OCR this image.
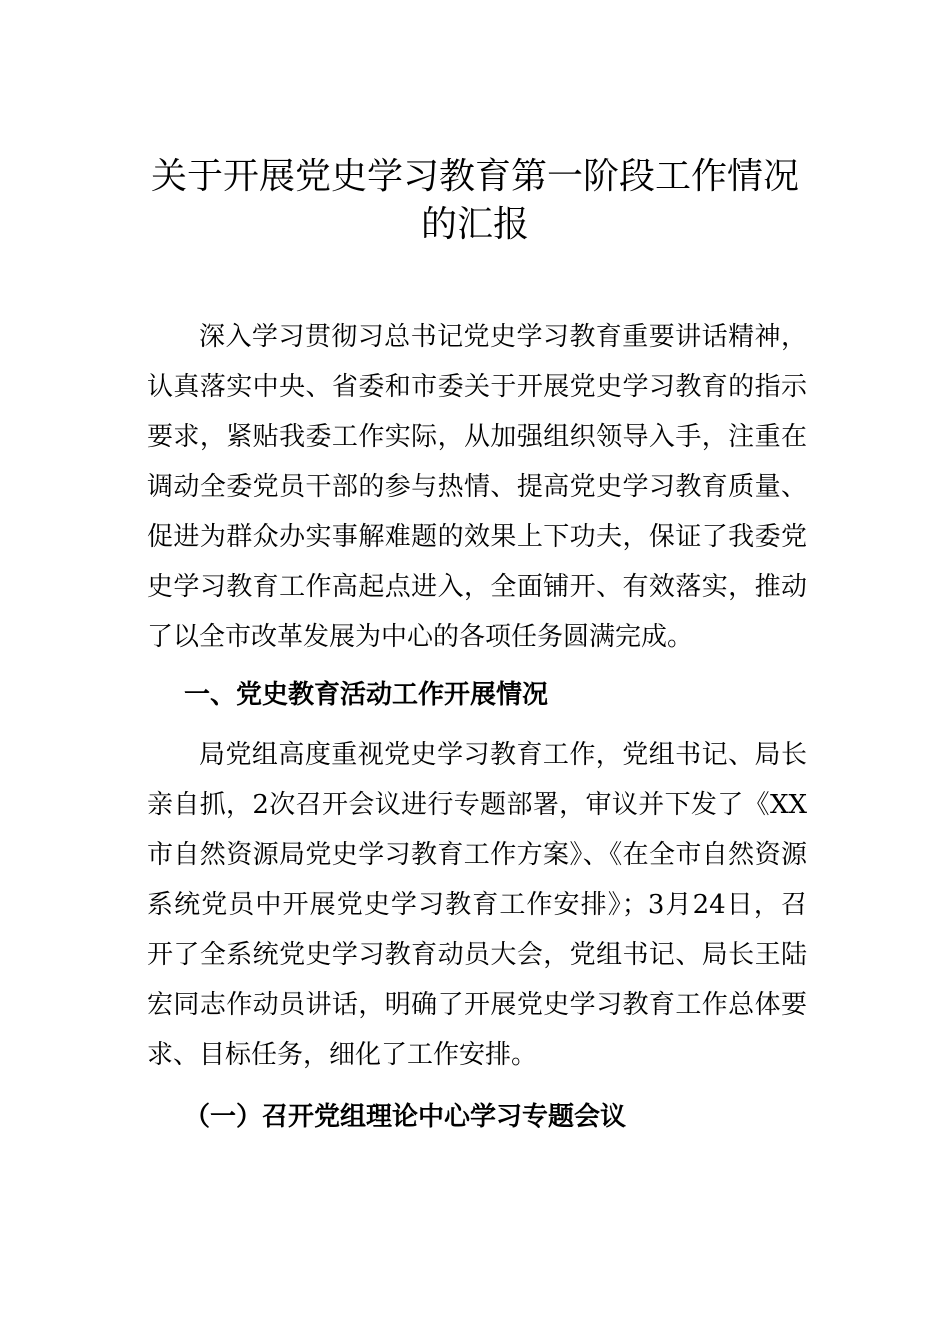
关于开展党史学习教育第一阶段工作情况
的汇报

深入学习贯彻习总书记党史学习教育重要讲话精神，认真落实中央、省委和市委关于开展党史学习教育的指示要求，紧贴我委工作实际，从加强组织领导入手，注重在调动全委党员干部的参与热情、提高党史学习教育质量、促进为群众办实事解难题的效果上下功夫，保证了我委党史学习教育工作高起点进入，全面铺开、有效落实，推动了以全市改革发展为中心的各项任务圆满完成。

一、党史教育活动工作开展情况

局党组高度重视党史学习教育工作，党组书记、局长亲自抓，2次召开会议进行专题部署，审议并下发了《XX市自然资源局党史学习教育工作方案》、《在全市自然资源系统党员中开展党史学习教育工作安排》；3月24日，召开了全系统党史学习教育动员大会，党组书记、局长王陆宏同志作动员讲话，明确了开展党史学习教育工作总体要求、目标任务，细化了工作安排。

（一）召开党组理论中心学习专题会议
